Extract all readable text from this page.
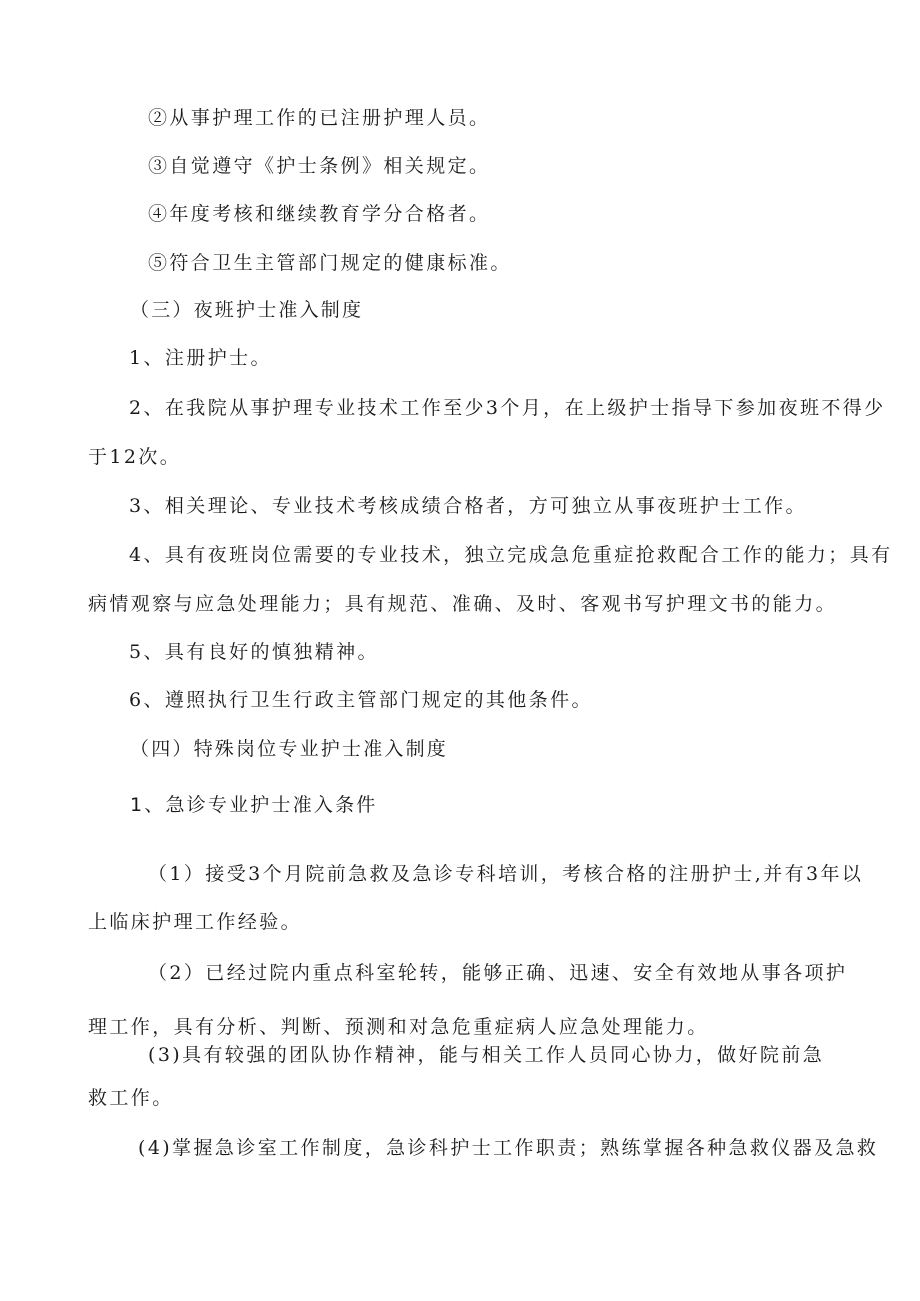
②从事护理工作的已注册护理人员。
③自觉遵守《护士条例》相关规定。
④年度考核和继续教育学分合格者。
⑤符合卫生主管部门规定的健康标准。
（三）夜班护士准入制度
1、注册护士。
2、在我院从事护理专业技术工作至少3个月，在上级护士指导下参加夜班不得少
于12次。
3、相关理论、专业技术考核成绩合格者，方可独立从事夜班护士工作。
4、具有夜班岗位需要的专业技术，独立完成急危重症抢救配合工作的能力；具有
病情观察与应急处理能力；具有规范、准确、及时、客观书写护理文书的能力。
5、具有良好的慎独精神。
6、遵照执行卫生行政主管部门规定的其他条件。
（四）特殊岗位专业护士准入制度
1、急诊专业护士准入条件
（1）接受3个月院前急救及急诊专科培训，考核合格的注册护士,并有3年以
上临床护理工作经验。
（2）已经过院内重点科室轮转，能够正确、迅速、安全有效地从事各项护
理工作，具有分析、判断、预测和对急危重症病人应急处理能力。
(3)具有较强的团队协作精神，能与相关工作人员同心协力，做好院前急
救工作。
(4)掌握急诊室工作制度，急诊科护士工作职责；熟练掌握各种急救仪器及急救
